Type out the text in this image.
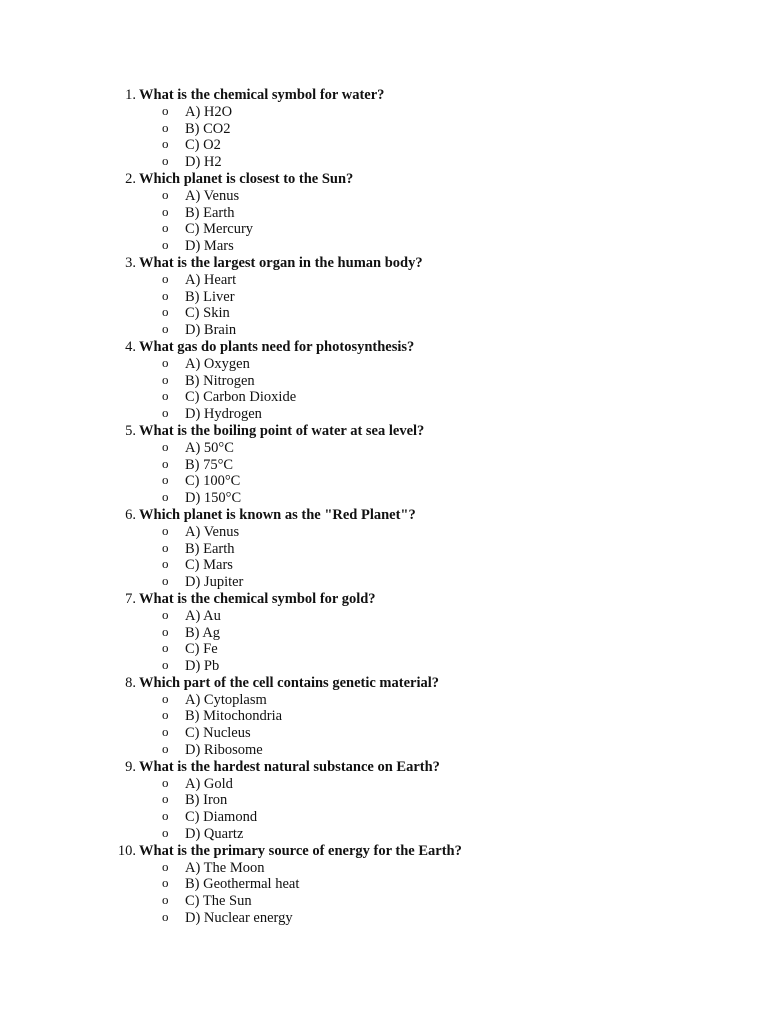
1. What is the chemical symbol for water?
o A) H2O
o B) CO2
o C) O2
o D) H2
2. Which planet is closest to the Sun?
o A) Venus
o B) Earth
o C) Mercury
o D) Mars
3. What is the largest organ in the human body?
o A) Heart
o B) Liver
o C) Skin
o D) Brain
4. What gas do plants need for photosynthesis?
o A) Oxygen
o B) Nitrogen
o C) Carbon Dioxide
o D) Hydrogen
5. What is the boiling point of water at sea level?
o A) 50°C
o B) 75°C
o C) 100°C
o D) 150°C
6. Which planet is known as the "Red Planet"?
o A) Venus
o B) Earth
o C) Mars
o D) Jupiter
7. What is the chemical symbol for gold?
o A) Au
o B) Ag
o C) Fe
o D) Pb
8. Which part of the cell contains genetic material?
o A) Cytoplasm
o B) Mitochondria
o C) Nucleus
o D) Ribosome
9. What is the hardest natural substance on Earth?
o A) Gold
o B) Iron
o C) Diamond
o D) Quartz
10. What is the primary source of energy for the Earth?
o A) The Moon
o B) Geothermal heat
o C) The Sun
o D) Nuclear energy
